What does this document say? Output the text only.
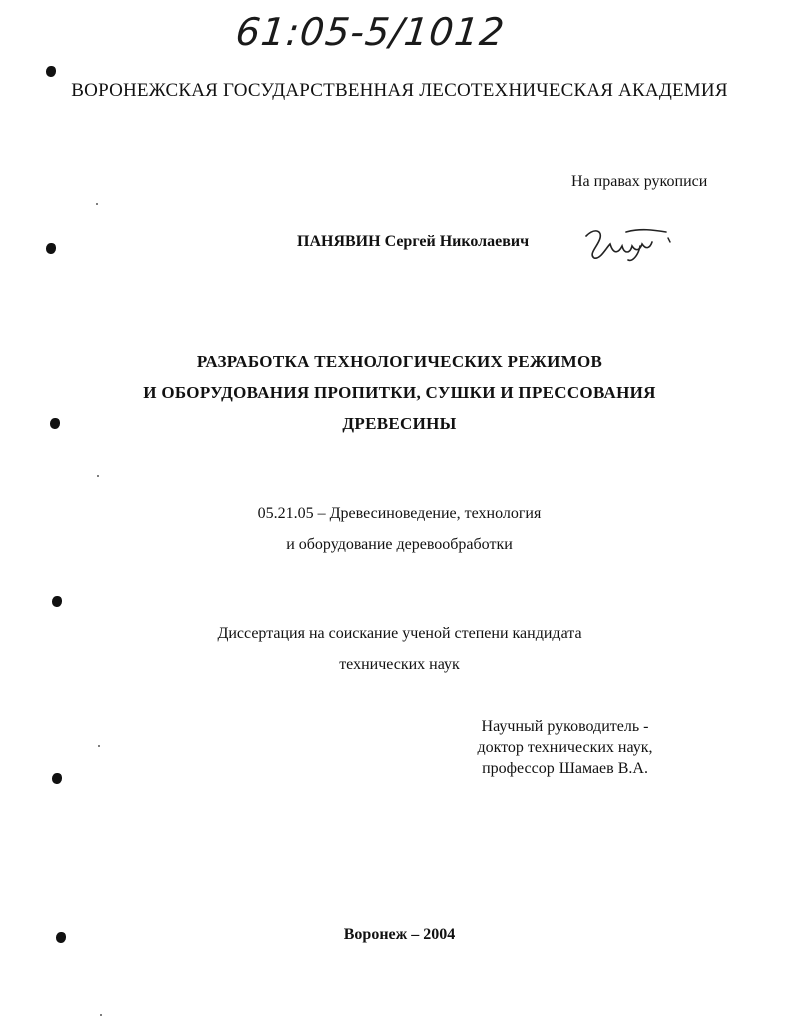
61:05-5/1012
ВОРОНЕЖСКАЯ ГОСУДАРСТВЕННАЯ ЛЕСОТЕХНИЧЕСКАЯ АКАДЕМИЯ
На правах рукописи
ПАНЯВИН Сергей Николаевич
РАЗРАБОТКА ТЕХНОЛОГИЧЕСКИХ РЕЖИМОВ
И ОБОРУДОВАНИЯ ПРОПИТКИ, СУШКИ И ПРЕССОВАНИЯ
ДРЕВЕСИНЫ
05.21.05 – Древесиноведение, технология
и оборудование деревообработки
Диссертация на соискание ученой степени кандидата
технических наук
Научный руководитель -
доктор технических наук,
профессор Шамаев В.А.
Воронеж – 2004
